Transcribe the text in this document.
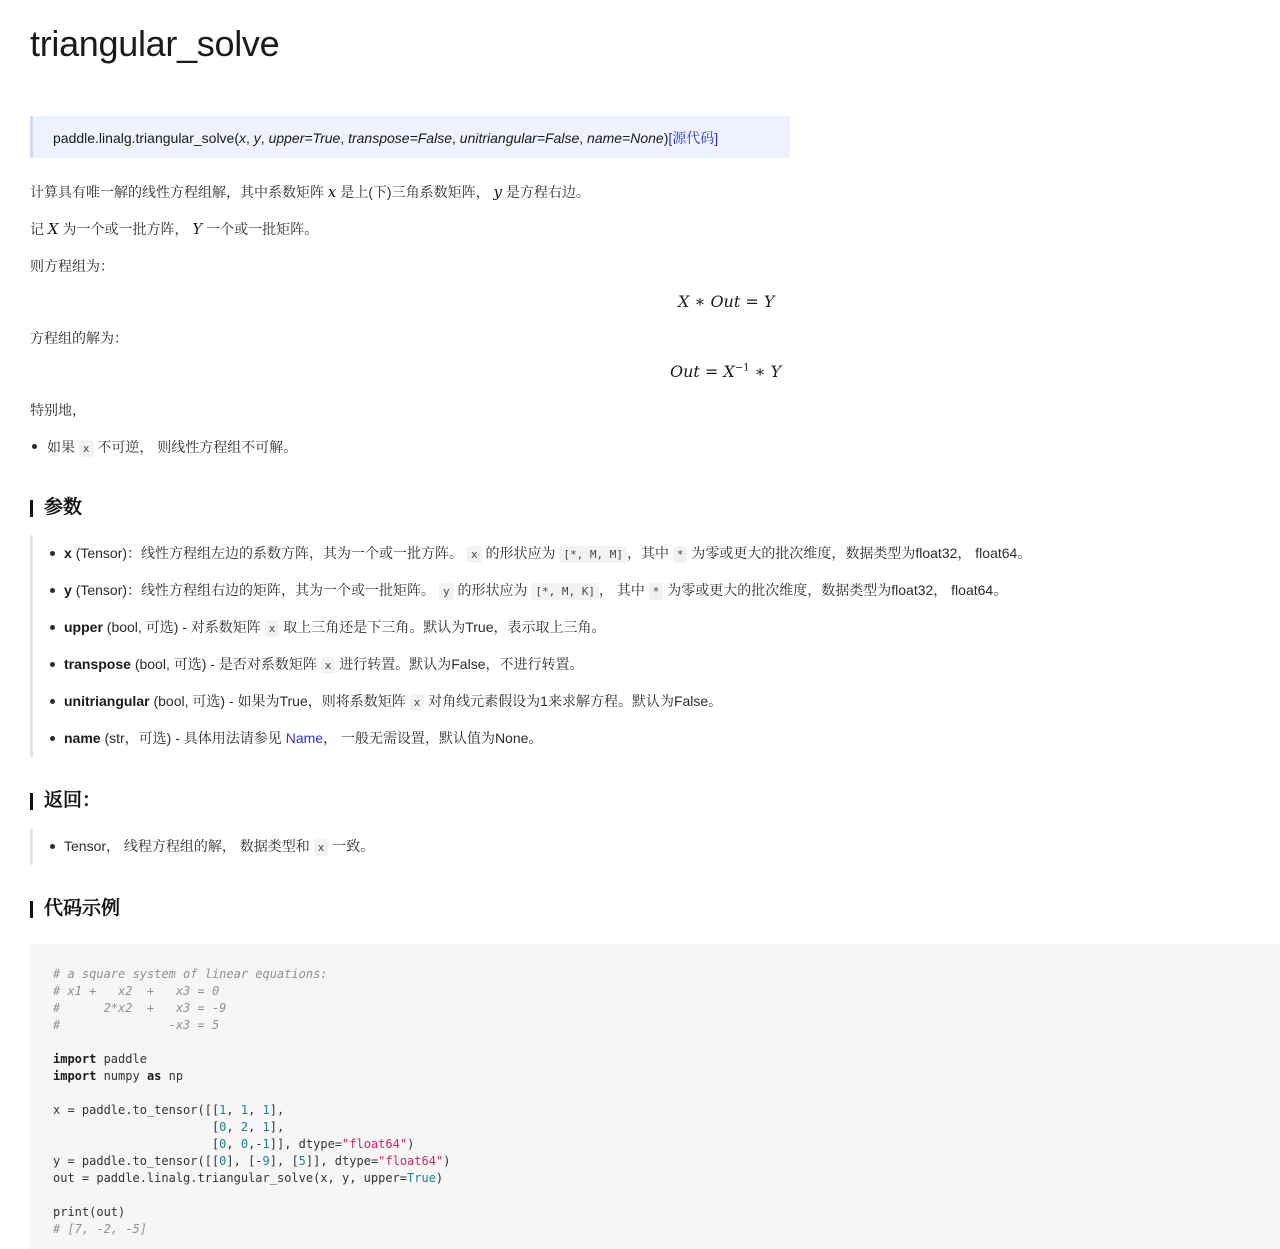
triangular_solve
paddle.linalg.triangular_solve(x, y, upper=True, transpose=False, unitriangular=False, name=None)[源代码]
计算具有唯一解的线性方程组解，其中系数矩阵 x 是上(下)三角系数矩阵， y 是方程右边。
记 X 为一个或一批方阵， Y 一个或一批矩阵。
则方程组为：
X ∗ Out = Y
方程组的解为：
Out = $X^{-1}$ ∗ Y
特别地，
如果 x 不可逆， 则线性方程组不可解。
参数
x (Tensor)：线性方程组左边的系数方阵，其为一个或一批方阵。 x 的形状应为 [*, M, M] ，其中 * 为零或更大的批次维度，数据类型为float32， float64。
y (Tensor)：线性方程组右边的矩阵，其为一个或一批矩阵。 y 的形状应为 [*, M, K] ， 其中 * 为零或更大的批次维度，数据类型为float32， float64。
upper (bool, 可选) - 对系数矩阵 x 取上三角还是下三角。默认为True，表示取上三角。
transpose (bool, 可选) - 是否对系数矩阵 x 进行转置。默认为False，不进行转置。
unitriangular (bool, 可选) - 如果为True，则将系数矩阵 x 对角线元素假设为1来求解方程。默认为False。
name (str，可选) - 具体用法请参见 Name， 一般无需设置，默认值为None。
返回：
Tensor， 线程方程组的解， 数据类型和 x 一致。
代码示例
# a square system of linear equations:
# x1 +   x2  +   x3 = 0
#      2*x2  +   x3 = -9
#               -x3 = 5

import paddle
import numpy as np

x = paddle.to_tensor([[1, 1, 1],
[0, 2, 1],
[0, 0,-1]], dtype="float64")
y = paddle.to_tensor([[0], [-9], [5]], dtype="float64")
out = paddle.linalg.triangular_solve(x, y, upper=True)

print(out)
# [7, -2, -5]
